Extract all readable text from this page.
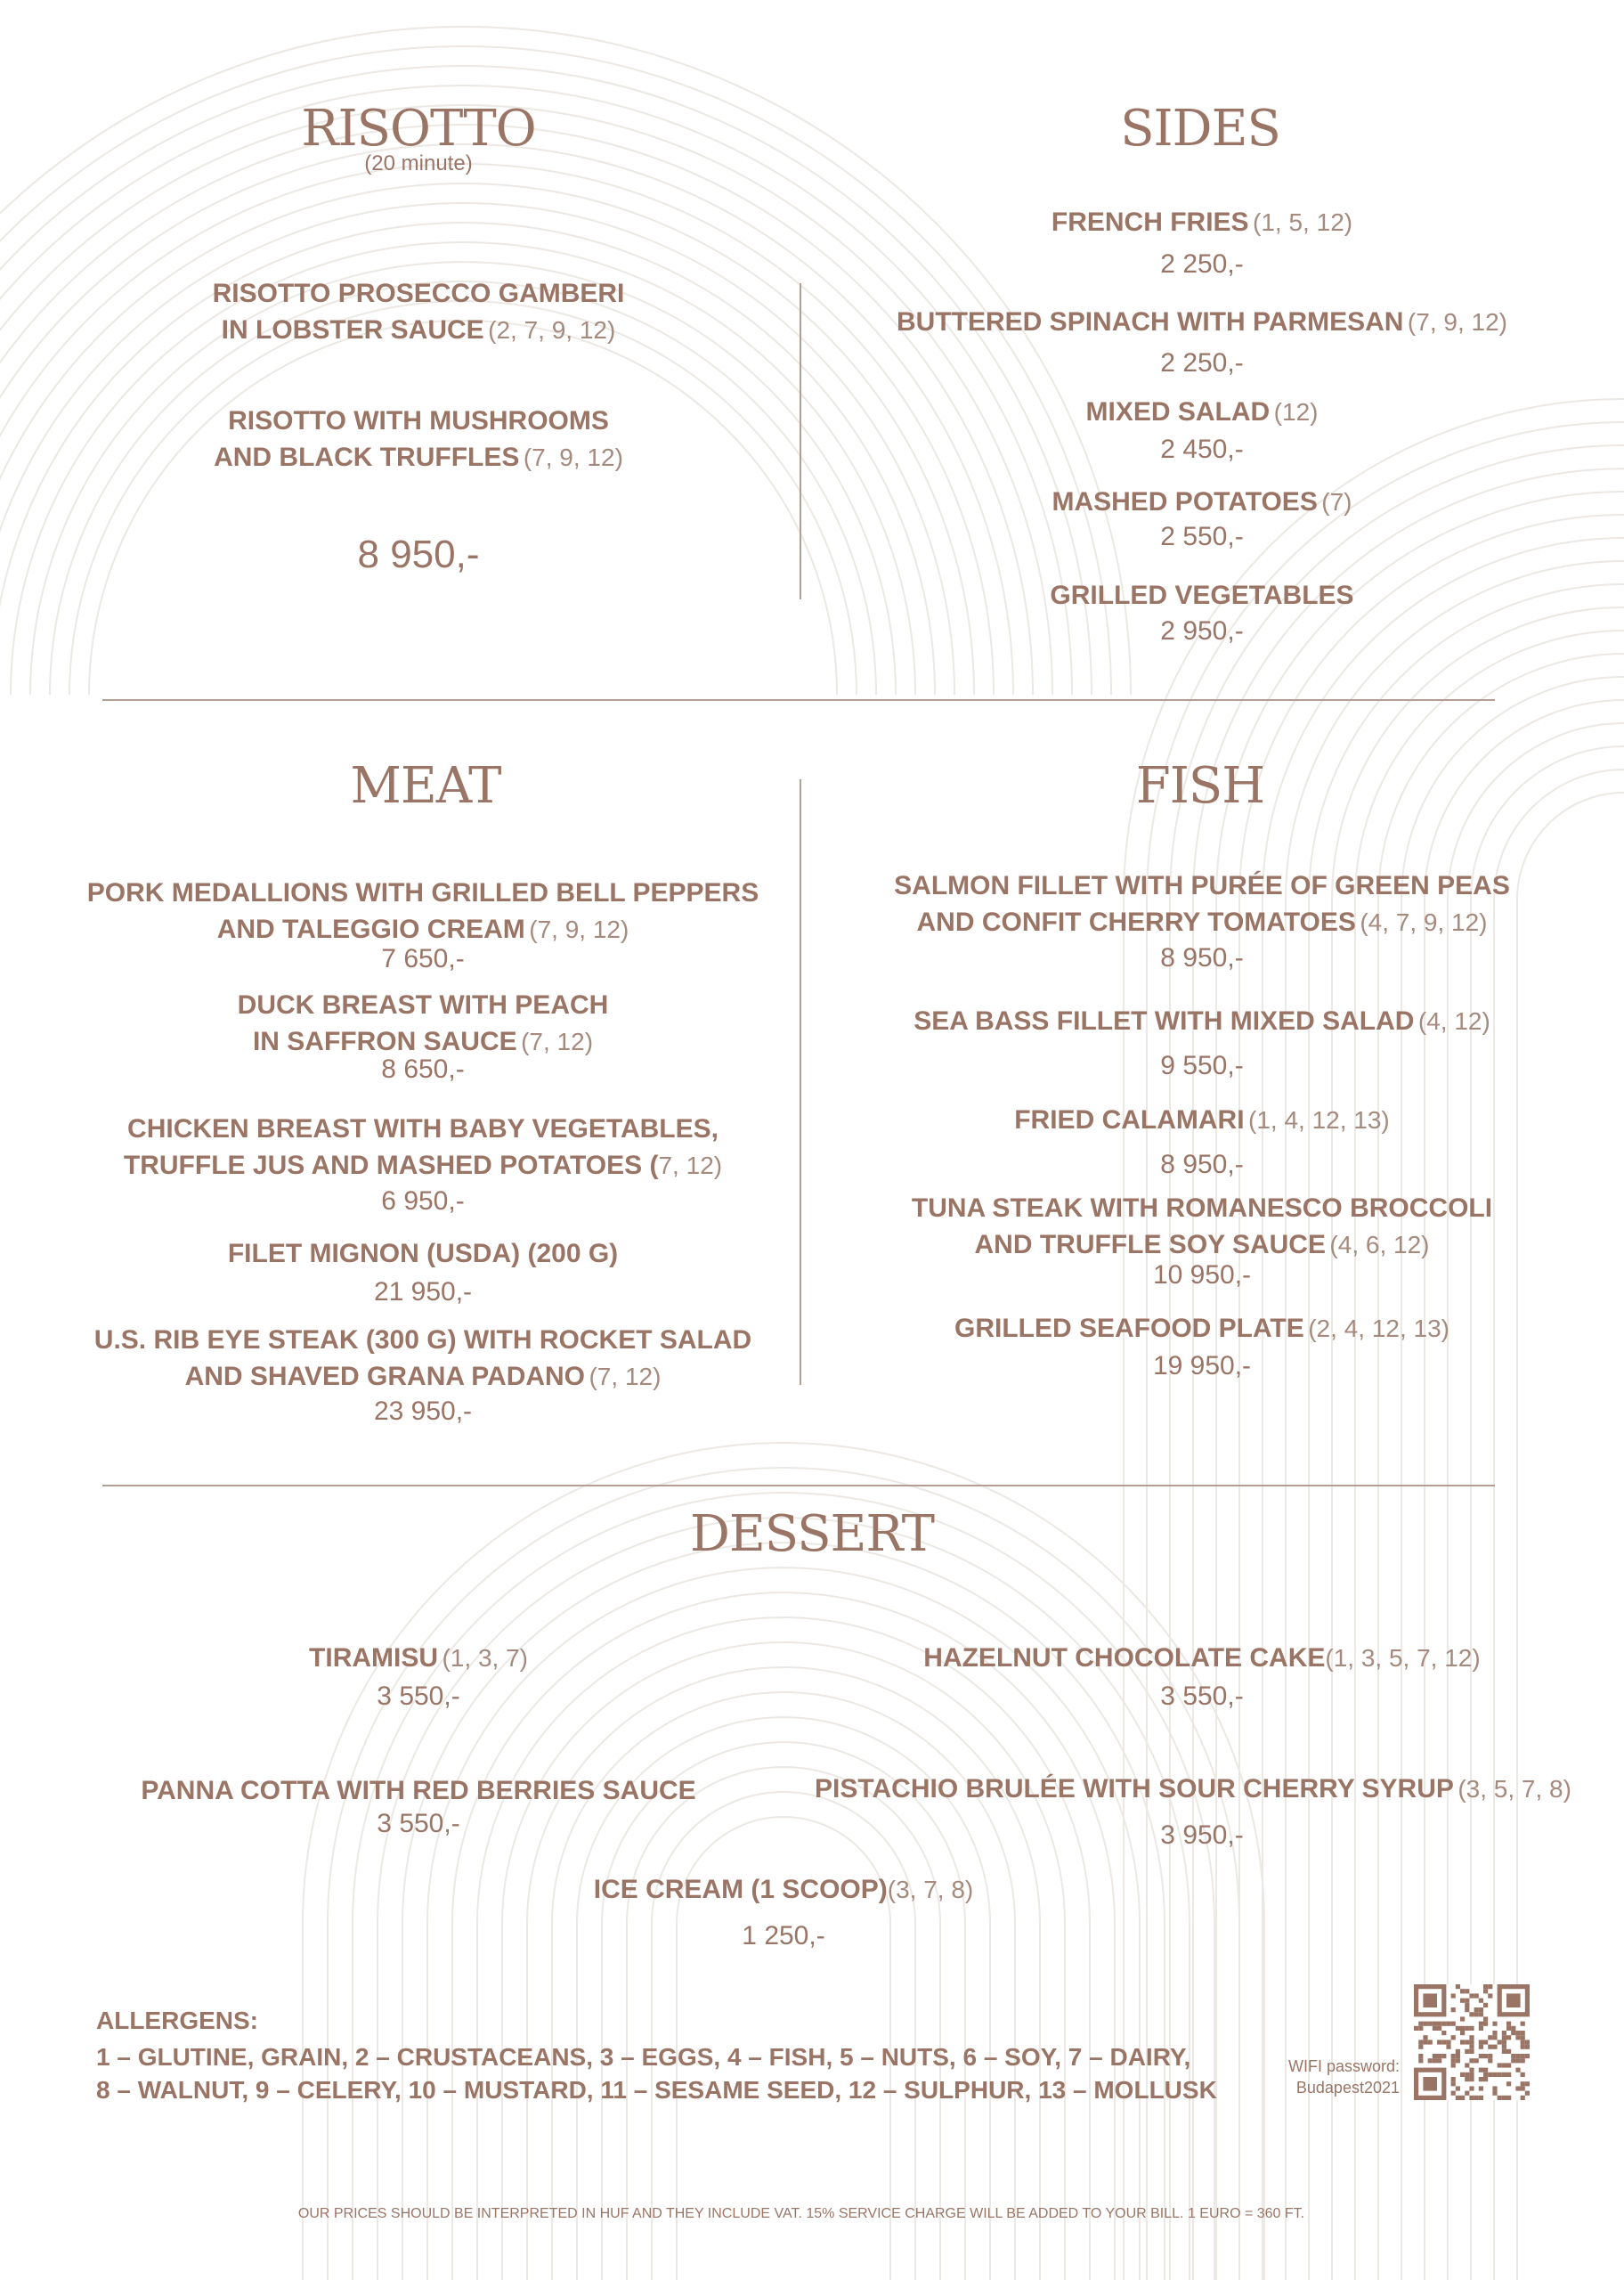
RISOTTO
(20 minute)
RISOTTO PROSECCO GAMBERI
IN LOBSTER SAUCE (2, 7, 9, 12)
RISOTTO WITH MUSHROOMS
AND BLACK TRUFFLES (7, 9, 12)
8 950,-
SIDES
FRENCH FRIES (1, 5, 12)
2 250,-
BUTTERED SPINACH WITH PARMESAN (7, 9, 12)
2 250,-
MIXED SALAD (12)
2 450,-
MASHED POTATOES (7)
2 550,-
GRILLED VEGETABLES
2 950,-
MEAT
PORK MEDALLIONS WITH GRILLED BELL PEPPERS
AND TALEGGIO CREAM (7, 9, 12)
7 650,-
DUCK BREAST WITH PEACH
IN SAFFRON SAUCE (7, 12)
8 650,-
CHICKEN BREAST WITH BABY VEGETABLES,
TRUFFLE JUS AND MASHED POTATOES (7, 12)
6 950,-
FILET MIGNON (USDA) (200 G)
21 950,-
U.S. RIB EYE STEAK (300 G) WITH ROCKET SALAD
AND SHAVED GRANA PADANO (7, 12)
23 950,-
FISH
SALMON FILLET WITH PURÉE OF GREEN PEAS
AND CONFIT CHERRY TOMATOES (4, 7, 9, 12)
8 950,-
SEA BASS FILLET WITH MIXED SALAD (4, 12)
9 550,-
FRIED CALAMARI (1, 4, 12, 13)
8 950,-
TUNA STEAK WITH ROMANESCO BROCCOLI
AND TRUFFLE SOY SAUCE (4, 6, 12)
10 950,-
GRILLED SEAFOOD PLATE (2, 4, 12, 13)
19 950,-
DESSERT
TIRAMISU (1, 3, 7)
3 550,-
HAZELNUT CHOCOLATE CAKE(1, 3, 5, 7, 12)
3 550,-
PANNA COTTA WITH RED BERRIES SAUCE
3 550,-
PISTACHIO BRULÉE WITH SOUR CHERRY SYRUP (3, 5, 7, 8)
3 950,-
ICE CREAM (1 SCOOP)(3, 7, 8)
1 250,-
ALLERGENS:
1 – GLUTINE, GRAIN, 2 – CRUSTACEANS, 3 – EGGS, 4 – FISH, 5 – NUTS, 6 – SOY, 7 – DAIRY,
8 – WALNUT, 9 – CELERY, 10 – MUSTARD, 11 – SESAME SEED, 12 – SULPHUR, 13 – MOLLUSK
WIFI password:
Budapest2021
OUR PRICES SHOULD BE INTERPRETED IN HUF AND THEY INCLUDE VAT. 15% SERVICE CHARGE WILL BE ADDED TO YOUR BILL. 1 EURO = 360 FT.
